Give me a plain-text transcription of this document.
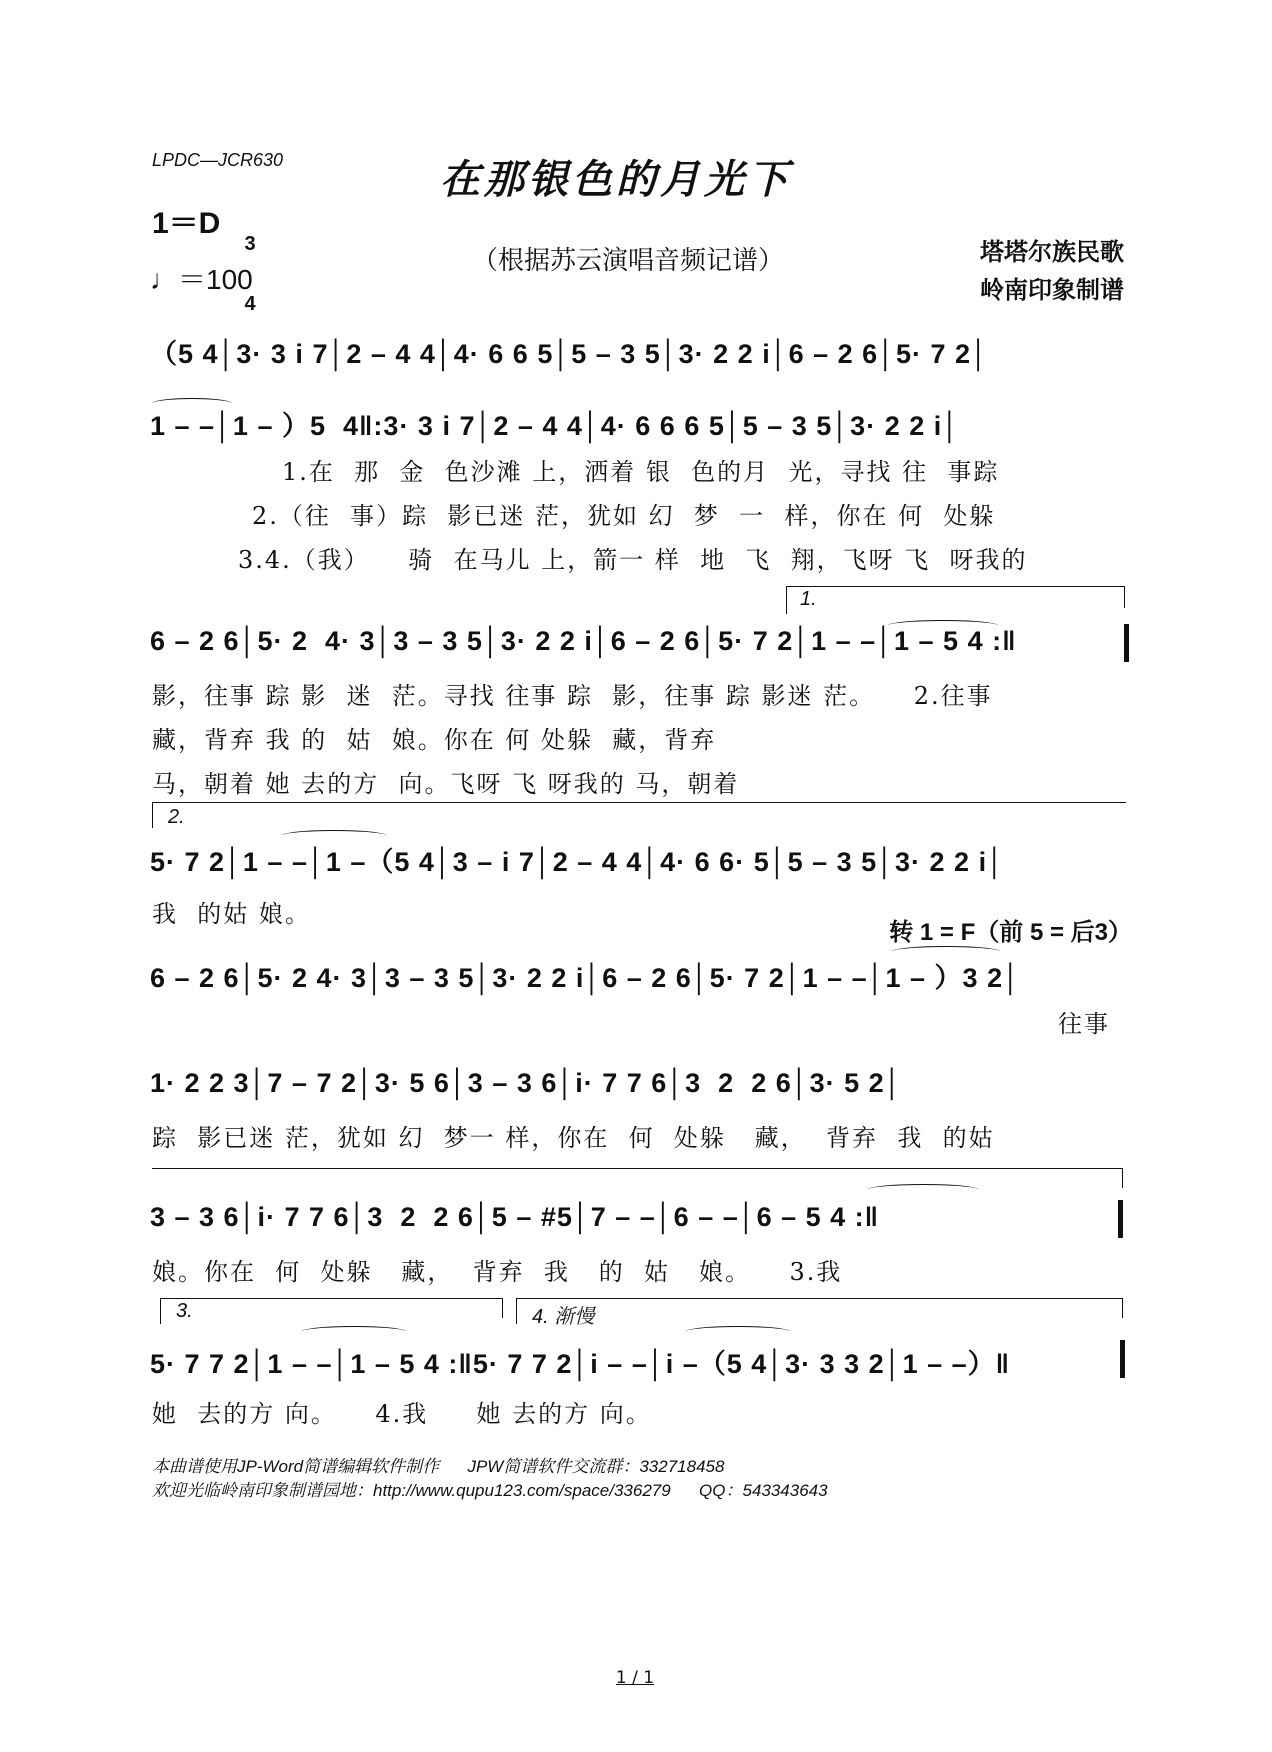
LPDC—JCR630	在那银色的月光下
1＝D

3

4

♩＝100
（根据苏云演唱音频记谱）	塔塔尔族民歌
岭南印象制谱
（5 4│3· 3 i 7│2 – 4 4│4· 6 6 5│5 – 3 5│3· 2 2 i│6 – 2 6│5· 7 2│
1 – –│1 – ）5  4‖:3· 3 i 7│2 – 4 4│4· 6 6 6 5│5 – 3 5│3· 2 2 i│
1.在  那  金  色沙滩 上，洒着 银  色的月  光，寻找 往  事踪
2.（往  事）踪  影已迷 茫，犹如 幻  梦  一  样，你在 何  处躲
3.4.（我）    骑  在马儿 上，箭一 样  地  飞  翔，飞呀 飞  呀我的
1.
6 – 2 6│5· 2  4· 3│3 – 3 5│3· 2 2 i│6 – 2 6│5· 7 2│1 – –│1 – 5 4 :‖
影，往事 踪 影  迷  茫。寻找 往事 踪  影，往事 踪 影迷 茫。    2.往事
藏，背弃 我 的  姑  娘。你在 何 处躲  藏，背弃
马，朝着 她 去的方  向。飞呀 飞 呀我的 马，朝着
2.
5· 7 2│1 – –│1 –（5 4│3 – i 7│2 – 4 4│4· 6 6· 5│5 – 3 5│3· 2 2 i│
我  的姑 娘。
转 1 = F（前 5 = 后3）
6 – 2 6│5· 2 4· 3│3 – 3 5│3· 2 2 i│6 – 2 6│5· 7 2│1 – –│1 – ）3 2│
往事
1· 2 2 3│7 – 7 2│3· 5 6│3 – 3 6│i· 7 7 6│3  2  2 6│3· 5 2│
踪  影已迷 茫，犹如 幻  梦一 样，你在  何  处躲   藏，  背弃  我  的姑
3 – 3 6│i· 7 7 6│3  2  2 6│5 – #5│7 – –│6 – –│6 – 5 4 :‖
娘。你在  何  处躲   藏，  背弃  我   的  姑   娘。    3.我
3.	4. 渐慢
5· 7 7 2│1 – –│1 – 5 4 :‖5· 7 7 2│i – –│i –（5 4│3· 3 3 2│1 – –）‖
她  去的方 向。    4.我     她 去的方 向。
本曲谱使用JP-Word简谱编辑软件制作      JPW简谱软件交流群：332718458
欢迎光临岭南印象制谱园地：http://www.qupu123.com/space/336279      QQ：543343643
1 / 1
